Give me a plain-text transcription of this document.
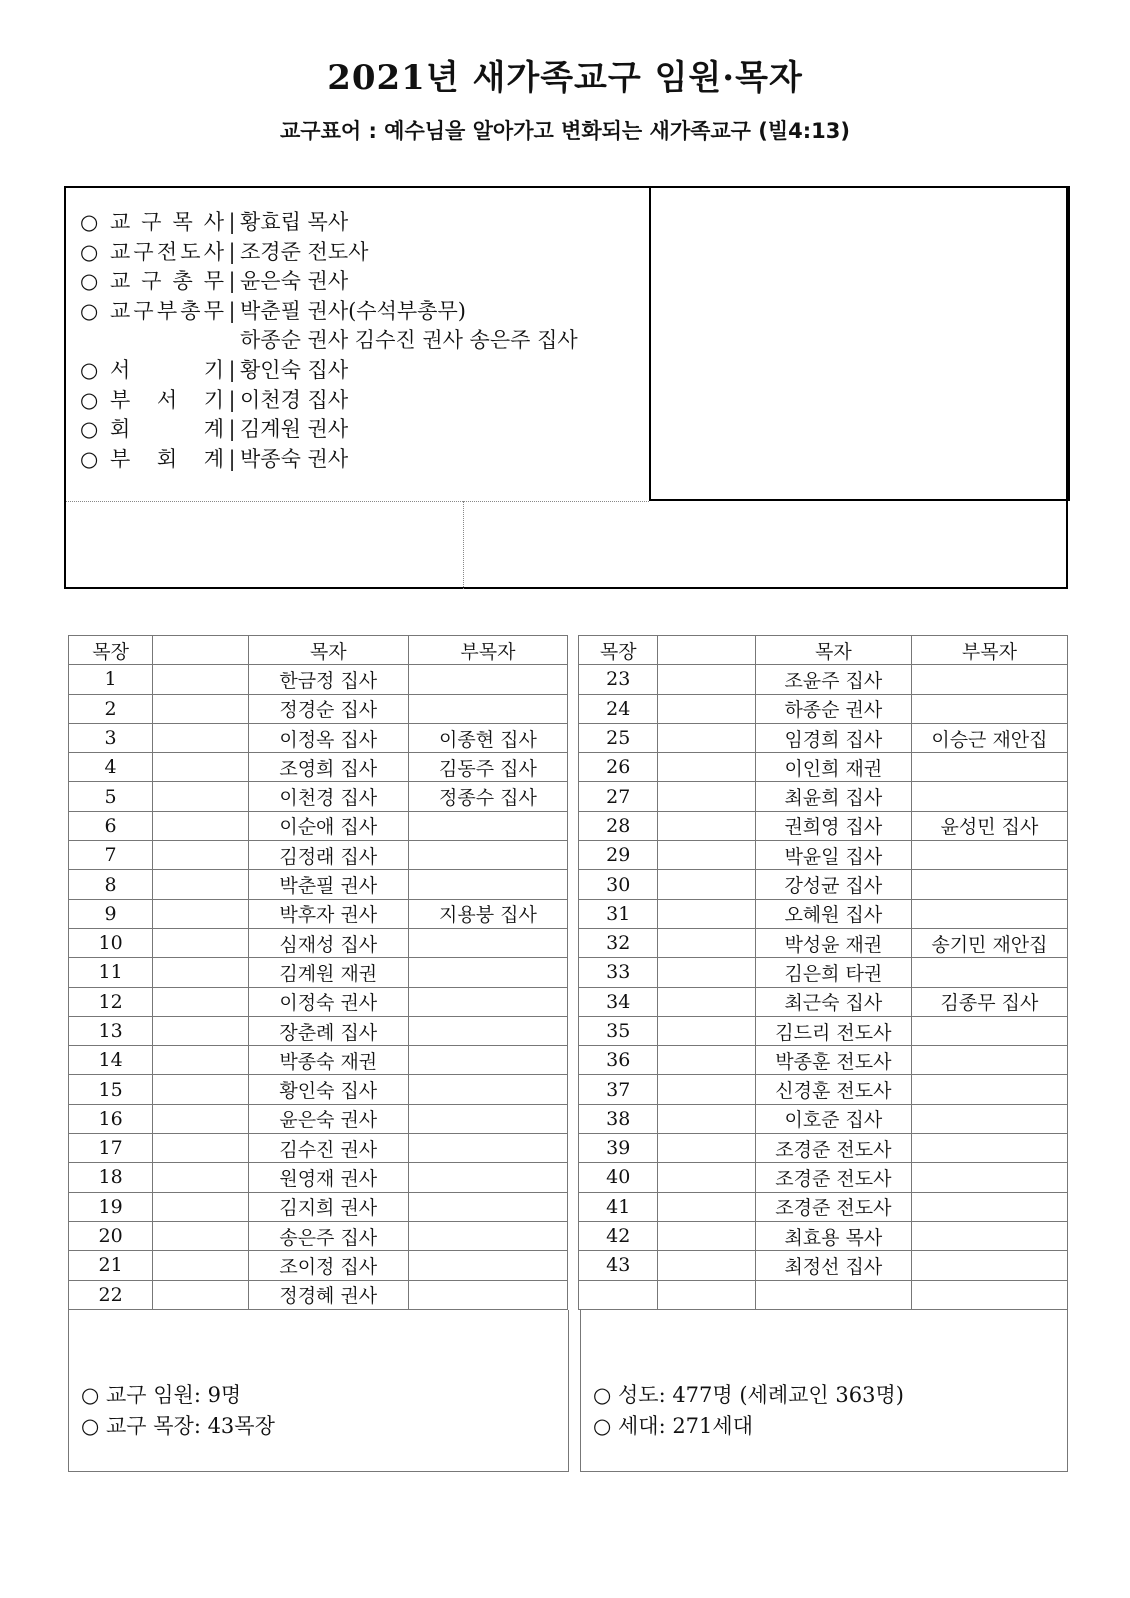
2021년 새가족교구 임원·목자
교구표어 : 예수님을 알아가고 변화되는 새가족교구 (빌4:13)
○ 교 구 목 사 | 황효립 목사
○ 교 구 전 도 사 | 조경준 전도사
○ 교 구 총 무 | 윤은숙 권사
○ 교 구 부 총 무 | 박춘필 권사(수석부총무)
하종순 권사 김수진 권사 송은주 집사
○ 서	기 | 황인숙 집사
○ 부 서 기 | 이천경 집사
○ 회	계 | 김계원 권사
○ 부 회 계 | 박종숙 권사
목장		목자	부목자		목장		목자	부목자
1		한금정 집사			23		조윤주 집사	
2		정경순 집사			24		하종순 권사	
3		이정옥 집사	이종현 집사		25		임경희 집사	이승근 재안집
4		조영희 집사	김동주 집사		26		이인희 재권	
5		이천경 집사	정종수 집사		27		최윤희 집사	
6		이순애 집사			28		권희영 집사	윤성민 집사
7		김정래 집사			29		박윤일 집사	
8		박춘필 권사			30		강성균 집사	
9		박후자 권사	지용붕 집사		31		오혜원 집사	
10		심재성 집사			32		박성윤 재권	송기민 재안집
11		김계원 재권			33		김은희 타권	
12		이정숙 권사			34		최근숙 집사	김종무 집사
13		장춘례 집사			35		김드리 전도사	
14		박종숙 재권			36		박종훈 전도사	
15		황인숙 집사			37		신경훈 전도사	
16		윤은숙 권사			38		이호준 집사	
17		김수진 권사			39		조경준 전도사	
18		원영재 권사			40		조경준 전도사	
19		김지희 권사			41		조경준 전도사	
20		송은주 집사			42		최효용 목사	
21		조이정 집사			43		최정선 집사	
22		정경혜 권사						
○ 교구 임원: 9명
○ 교구 목장: 43목장
○ 성도: 477명 (세례교인 363명)
○ 세대: 271세대
